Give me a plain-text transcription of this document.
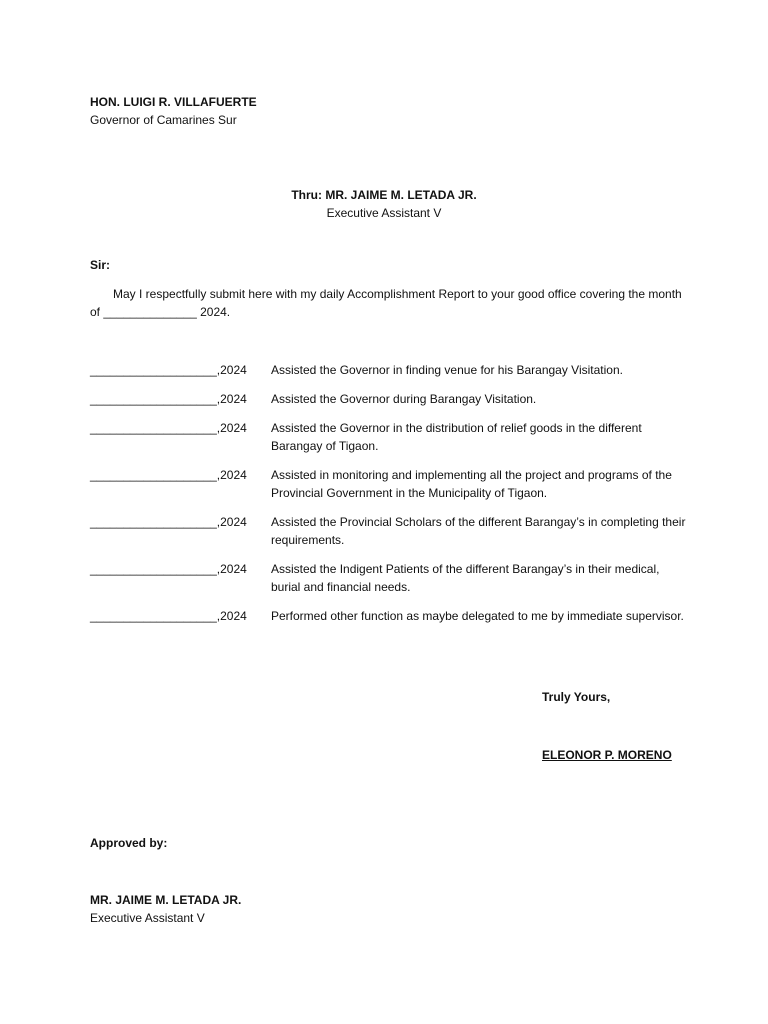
HON. LUIGI R. VILLAFUERTE
Governor of Camarines Sur
Thru: MR. JAIME M. LETADA JR.
Executive Assistant V
Sir:

May I respectfully submit here with my daily Accomplishment Report to your good office covering the month of ______________ 2024.

___________________,2024	Assisted the Governor in finding venue for his Barangay Visitation.
___________________,2024	Assisted the Governor during Barangay Visitation.
___________________,2024	Assisted the Governor in the distribution of relief goods in the different Barangay of Tigaon.
___________________,2024	Assisted in monitoring and implementing all the project and programs of the Provincial Government in the Municipality of Tigaon.
___________________,2024	Assisted the Provincial Scholars of the different Barangay’s in completing their requirements.
___________________,2024	Assisted the Indigent Patients of the different Barangay’s in their medical, burial and financial needs.
___________________,2024	Performed other function as maybe delegated to me by immediate supervisor.
Truly Yours,
ELEONOR P. MORENO
Approved by:
MR. JAIME M. LETADA JR.
Executive Assistant V
